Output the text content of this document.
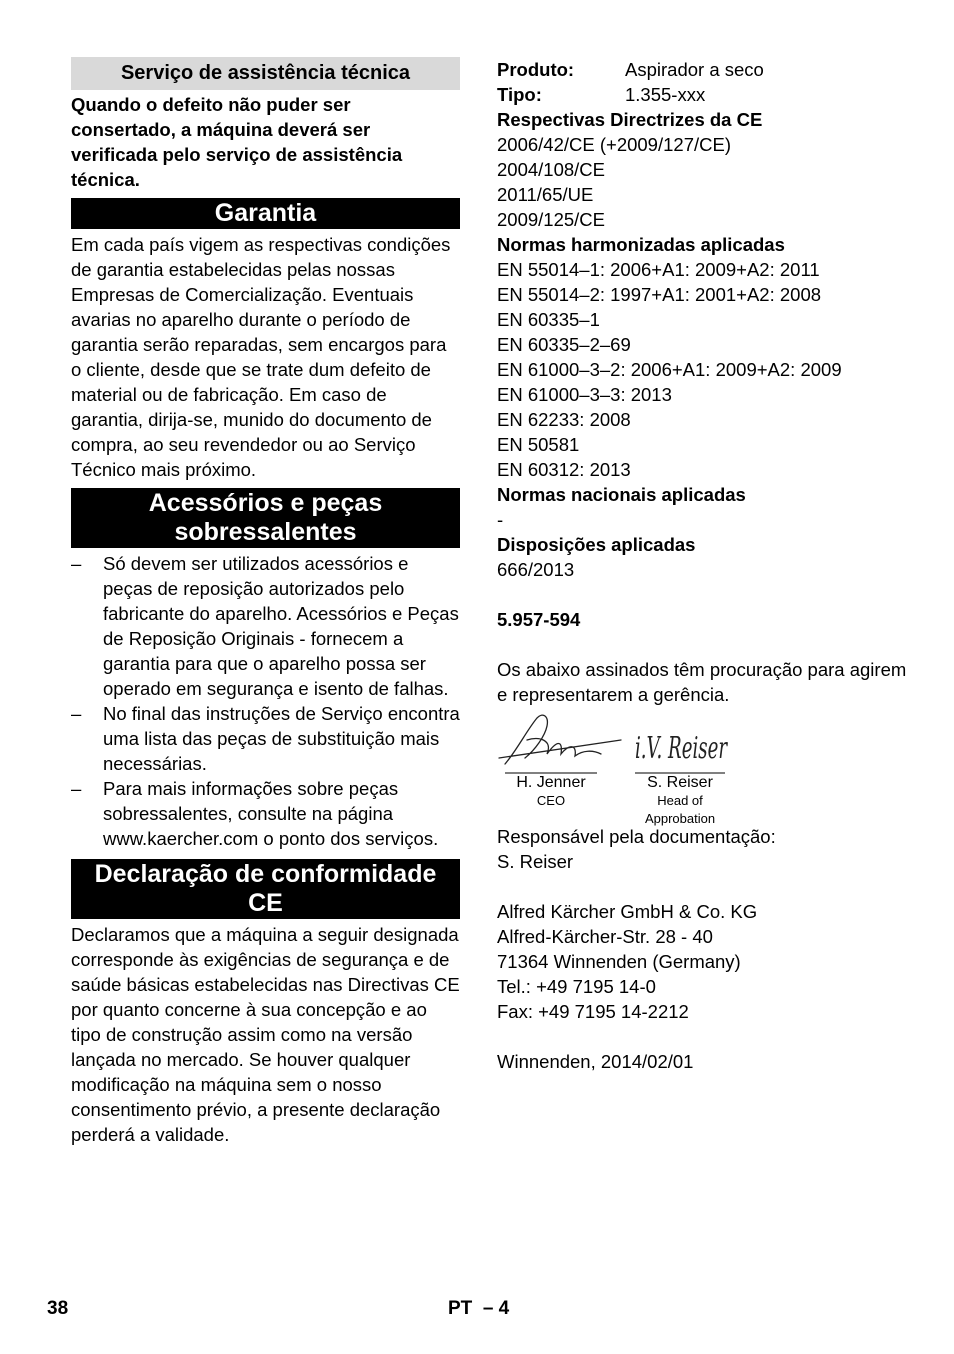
Serviço de assistência técnica

Quando o defeito não puder ser consertado, a máquina deverá ser verificada pelo serviço de assistência técnica.

Garantia

Em cada país vigem as respectivas condições de garantia estabelecidas pelas nossas Empresas de Comercialização. Eventuais avarias no aparelho durante o período de garantia serão reparadas, sem encargos para o cliente, desde que se trate dum defeito de material ou de fabricação. Em caso de garantia, dirija-se, munido do documento de compra, ao seu revendedor ou ao Serviço Técnico mais próximo.

Acessórios e peças
sobressalentes
– Só devem ser utilizados acessórios e peças de reposição autorizados pelo fabricante do aparelho. Acessórios e Peças de Reposição Originais - fornecem a garantia para que o aparelho possa ser operado em segurança e isento de falhas.
– No final das instruções de Serviço encontra uma lista das peças de substituição mais necessárias.
– Para mais informações sobre peças sobressalentes, consulte na página www.kaercher.com o ponto dos serviços.
Declaração de conformidade
CE

Declaramos que a máquina a seguir designada corresponde às exigências de segurança e de saúde básicas estabelecidas nas Directivas CE por quanto concerne à sua concepção e ao tipo de construção assim como na versão lançada no mercado. Se houver qualquer modificação na máquina sem o nosso consentimento prévio, a presente declaração perderá a validade.

Produto:	Aspirador a seco
Tipo:	1.355-xxx
Respectivas Directrizes da CE
2006/42/CE (+2009/127/CE)
2004/108/CE
2011/65/UE
2009/125/CE
Normas harmonizadas aplicadas
EN 55014–1: 2006+A1: 2009+A2: 2011
EN 55014–2: 1997+A1: 2001+A2: 2008
EN 60335–1
EN 60335–2–69
EN 61000–3–2: 2006+A1: 2009+A2: 2009
EN 61000–3–3: 2013
EN 62233: 2008
EN 50581
EN 60312: 2013
Normas nacionais aplicadas
-
Disposições aplicadas
666/2013
5.957-594

Os abaixo assinados têm procuração para agirem e representarem a gerência.

H. Jenner
CEO
i.V. Reiser
S. Reiser
Head of Approbation
Responsável pela documentação:
S. Reiser
Alfred Kärcher GmbH & Co. KG
Alfred-Kärcher-Str. 28 - 40
71364 Winnenden (Germany)
Tel.: +49 7195 14-0
Fax: +49 7195 14-2212
Winnenden, 2014/02/01
38	PT  – 4
